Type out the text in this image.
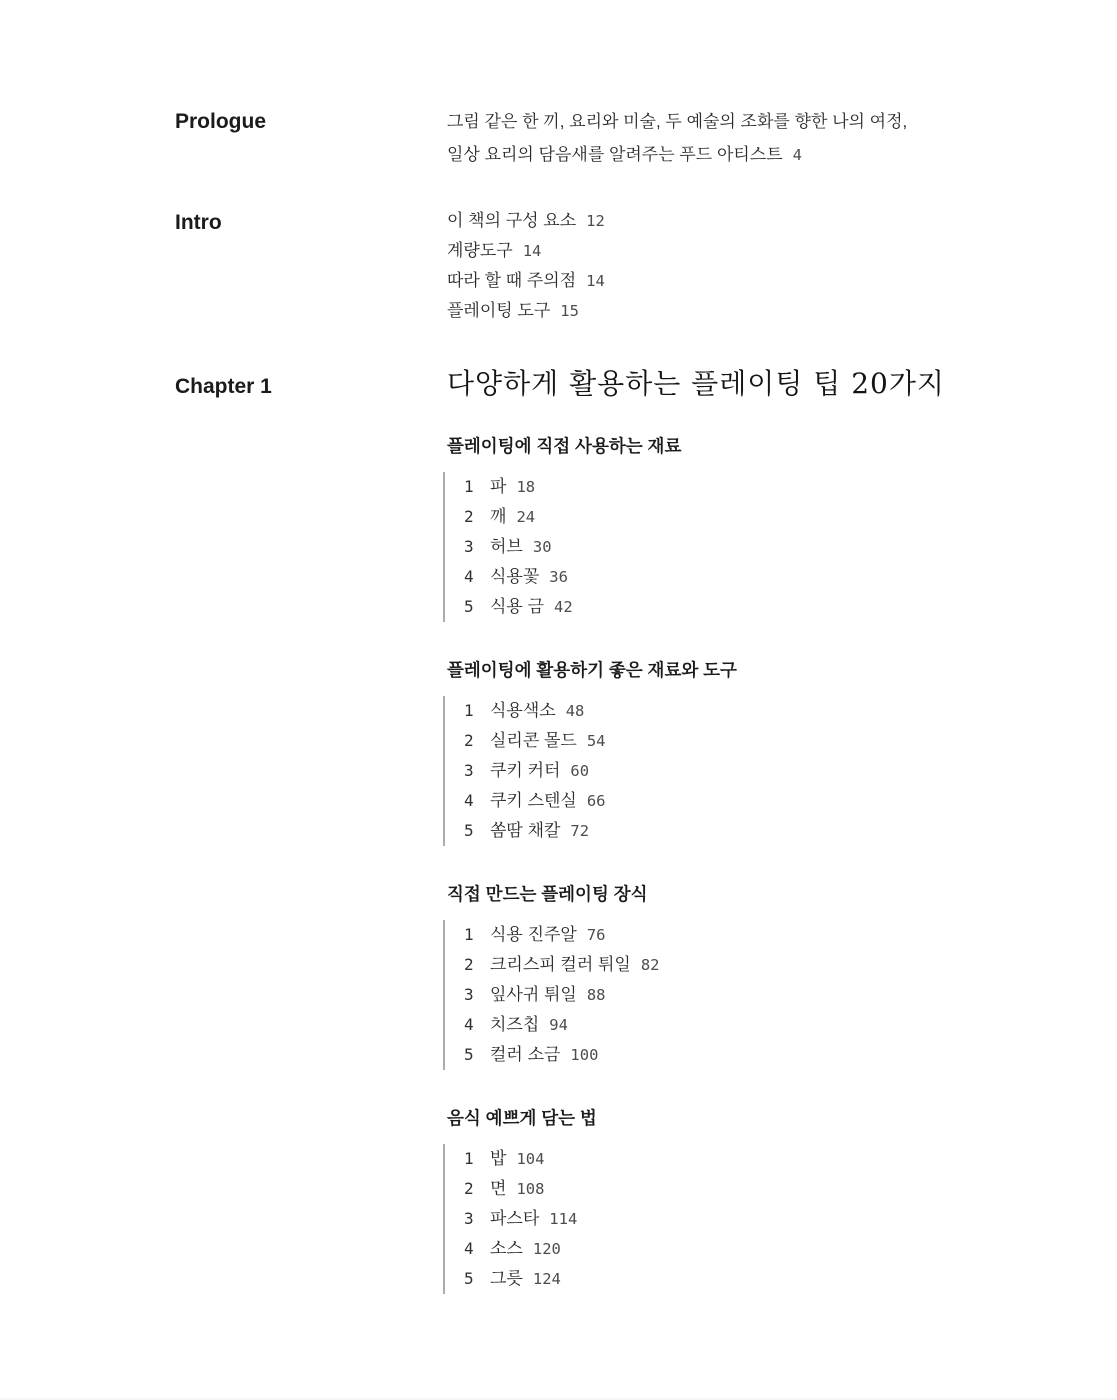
Prologue	그림 같은 한 끼, 요리와 미술, 두 예술의 조화를 향한 나의 여정,
일상 요리의 담음새를 알려주는 푸드 아티스트 4
Intro	이 책의 구성 요소 12
계량도구 14
따라 할 때 주의점 14
플레이팅 도구 15
Chapter 1	다양하게 활용하는 플레이팅 팁 20가지
플레이팅에 직접 사용하는 재료
1 파 18
2 깨 24
3 허브 30
4 식용꽃 36
5 식용 금 42
플레이팅에 활용하기 좋은 재료와 도구
1 식용색소 48
2 실리콘 몰드 54
3 쿠키 커터 60
4 쿠키 스텐실 66
5 쏨땀 채칼 72
직접 만드는 플레이팅 장식
1 식용 진주알 76
2 크리스피 컬러 튀일 82
3 잎사귀 튀일 88
4 치즈칩 94
5 컬러 소금 100
음식 예쁘게 담는 법
1 밥 104
2 면 108
3 파스타 114
4 소스 120
5 그릇 124
